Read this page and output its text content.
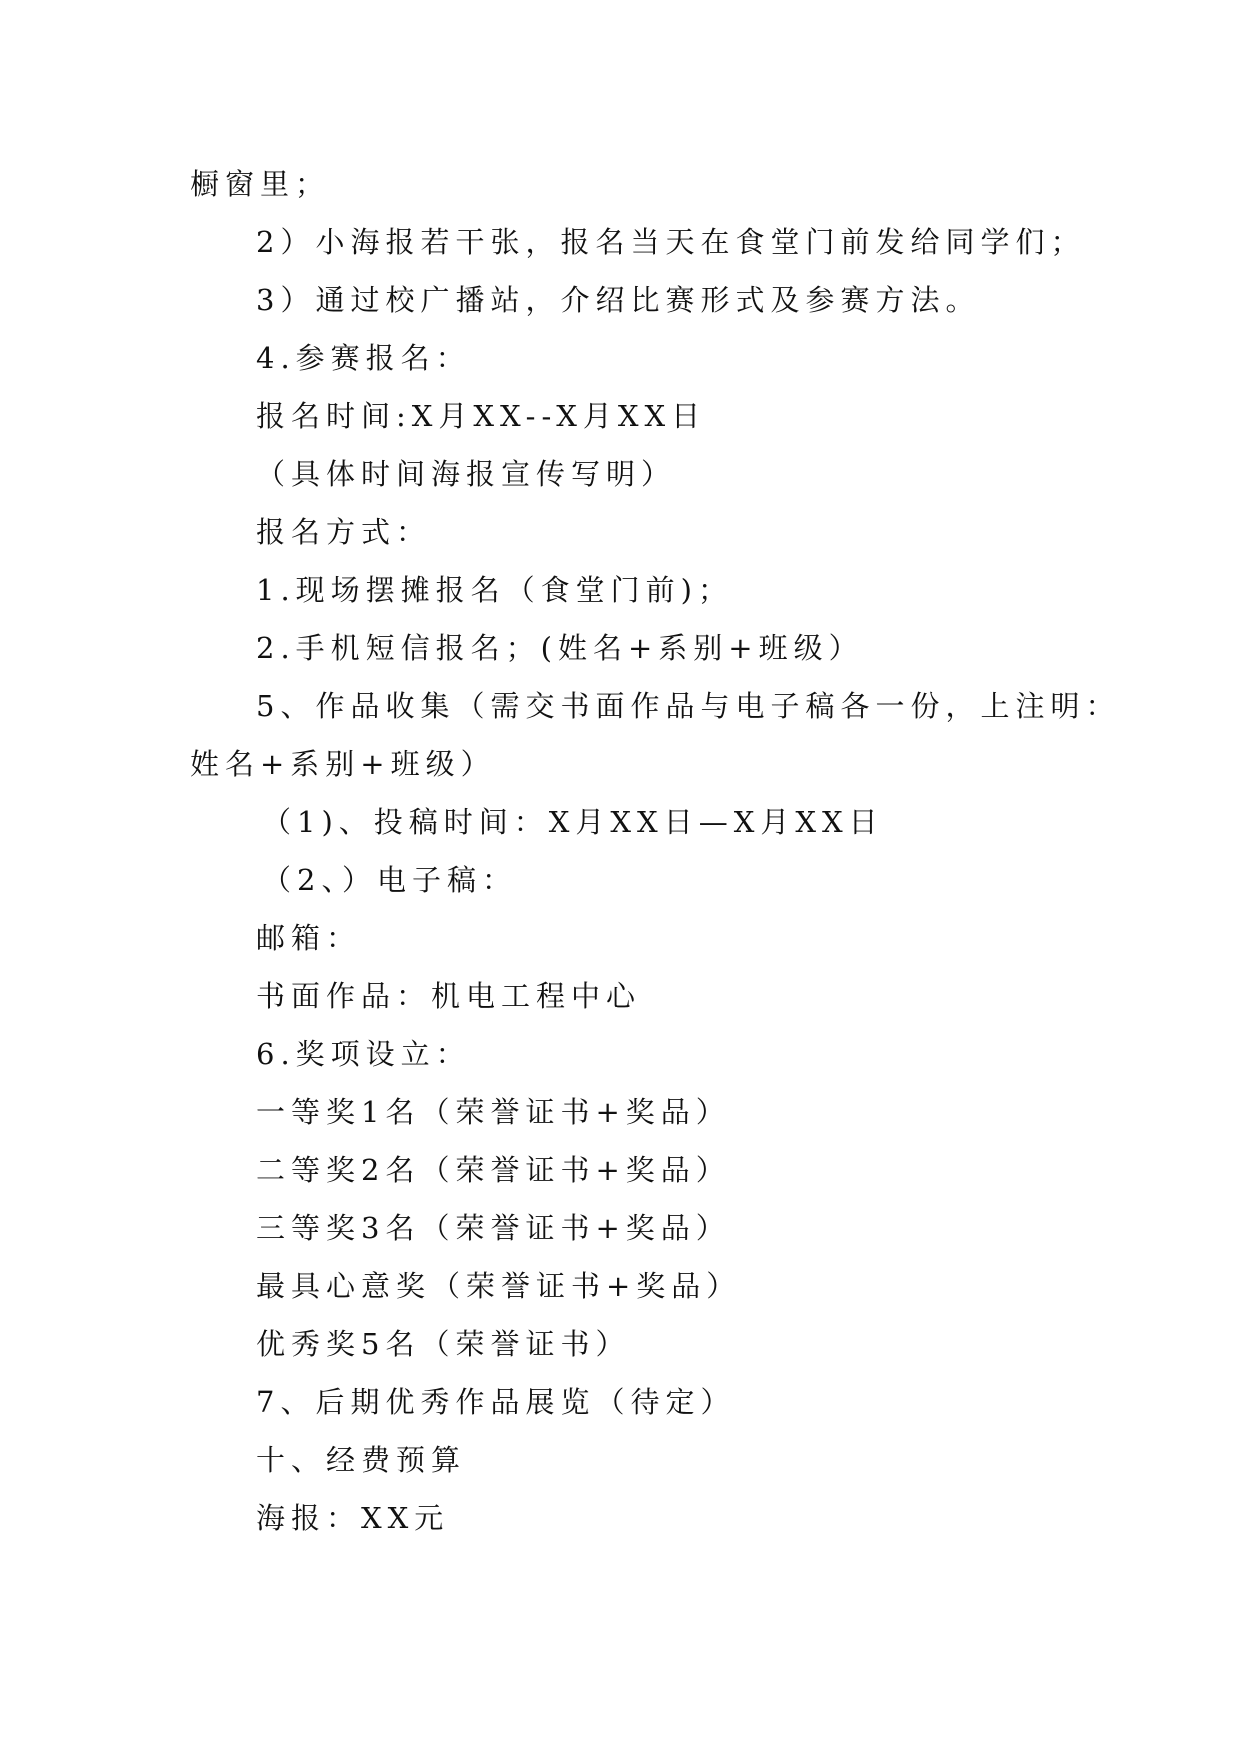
橱窗里；
2）小海报若干张，报名当天在食堂门前发给同学们；
3）通过校广播站，介绍比赛形式及参赛方法。
4.参赛报名：
报名时间:X月XX--X月XX日
（具体时间海报宣传写明）
报名方式：
1.现场摆摊报名（食堂门前)；
2.手机短信报名；(姓名+系别+班级）
5、作品收集（需交书面作品与电子稿各一份，上注明：
姓名+系别+班级）
（1)、投稿时间：X月XX日—X月XX日
（2、）电子稿：
邮箱：
书面作品：机电工程中心
6.奖项设立：
一等奖1名（荣誉证书+奖品）
二等奖2名（荣誉证书+奖品）
三等奖3名（荣誉证书+奖品）
最具心意奖（荣誉证书+奖品）
优秀奖5名（荣誉证书）
7、后期优秀作品展览（待定）
十、经费预算
海报：XX元
